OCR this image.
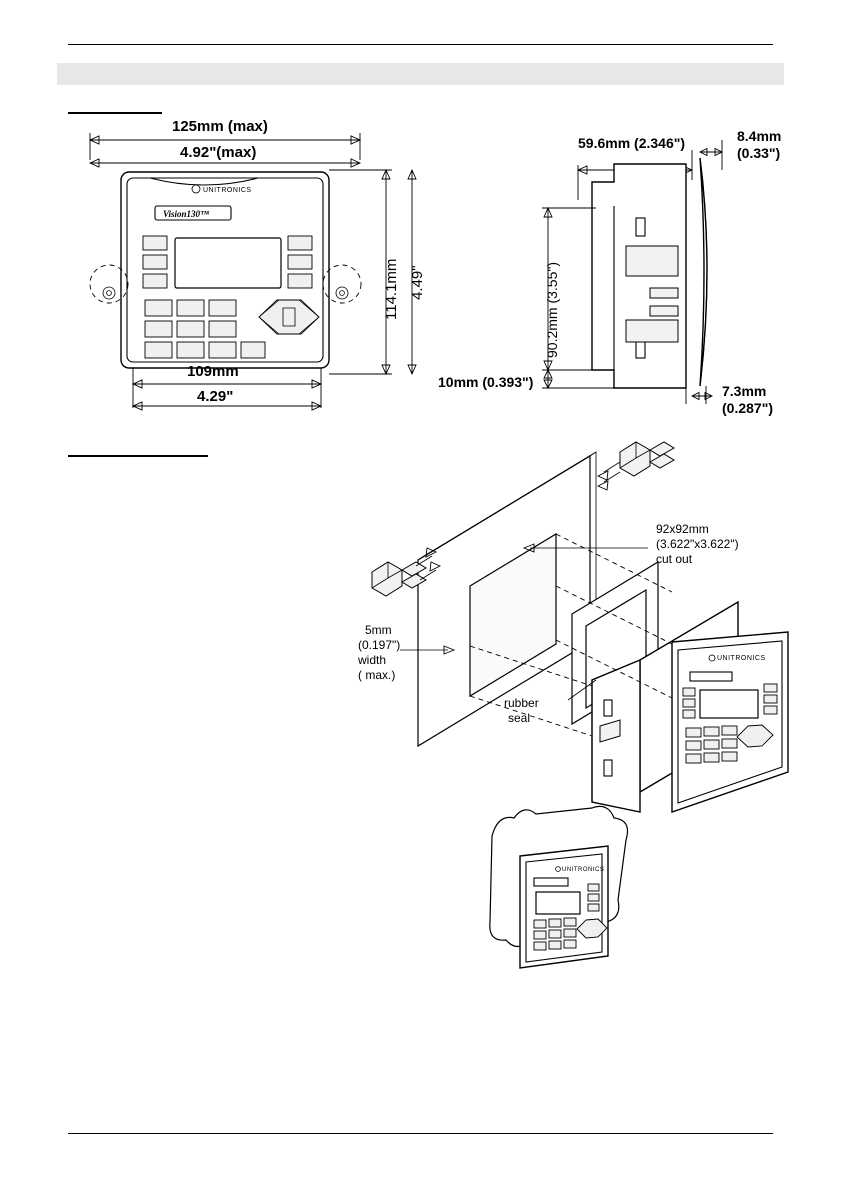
UNITRONICS
Vision130™
125mm (max)
4.92"(max)
109mm
4.29"
114.1mm 4.49"
59.6mm (2.346")	8.4mm
(0.33")
90.2mm (3.55")
10mm (0.393")
7.3mm
(0.287")
UNITRONICS
UNITRONICS
92x92mm
(3.622"x3.622")
cut out
5mm
(0.197")
width
( max.)
rubber
seal
